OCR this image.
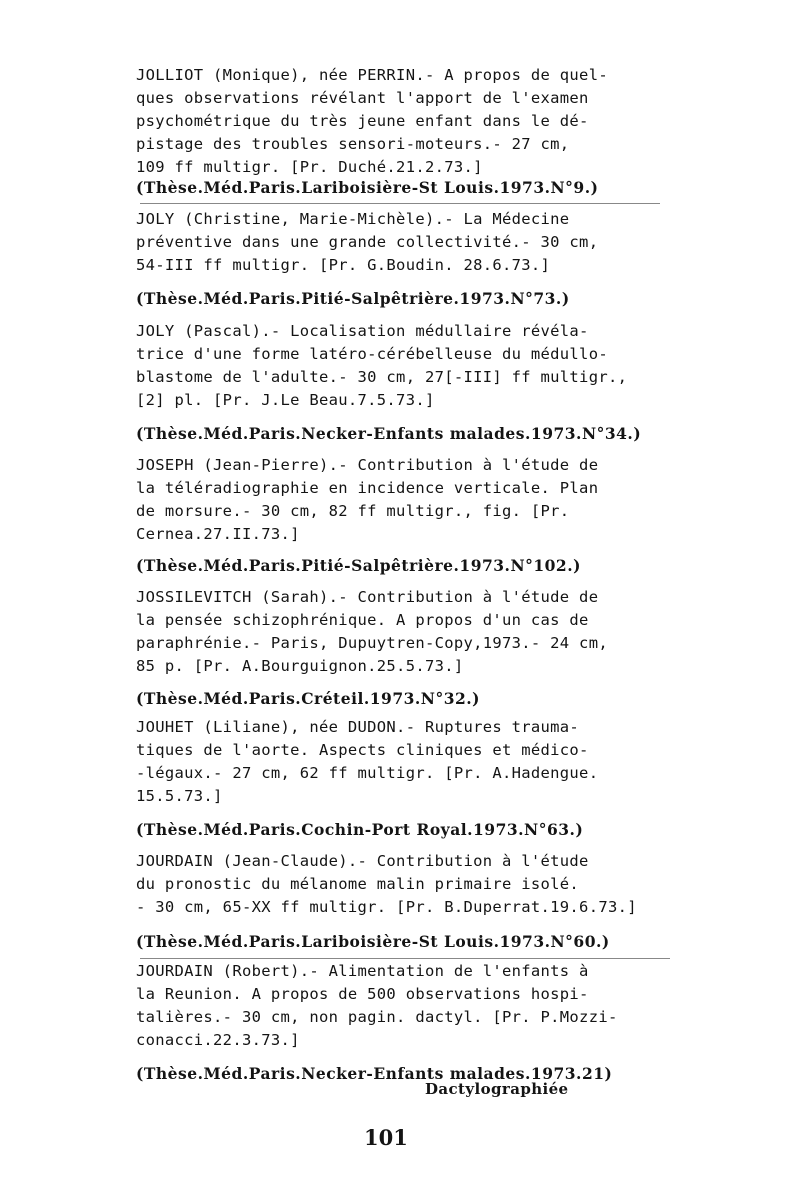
JOLLIOT (Monique), née PERRIN.- A propos de quel-
ques observations révélant l'apport de l'examen
psychométrique du très jeune enfant dans le dé-
pistage des troubles sensori-moteurs.- 27 cm,
109 ff multigr. [Pr. Duché.21.2.73.]

(Thèse.Méd.Paris.Lariboisière-St Louis.1973.N°9.)

JOLY (Christine, Marie-Michèle).- La Médecine
préventive dans une grande collectivité.- 30 cm,
54-III ff multigr. [Pr. G.Boudin. 28.6.73.]

(Thèse.Méd.Paris.Pitié-Salpêtrière.1973.N°73.)

JOLY (Pascal).- Localisation médullaire révéla-
trice d'une forme latéro-cérébelleuse du médullo-
blastome de l'adulte.- 30 cm, 27[-III] ff multigr.,
[2] pl. [Pr. J.Le Beau.7.5.73.]

(Thèse.Méd.Paris.Necker-Enfants malades.1973.N°34.)

JOSEPH (Jean-Pierre).- Contribution à l'étude de
la téléradiographie en incidence verticale. Plan
de morsure.- 30 cm, 82 ff multigr., fig. [Pr.
Cernea.27.II.73.]

(Thèse.Méd.Paris.Pitié-Salpêtrière.1973.N°102.)

JOSSILEVITCH (Sarah).- Contribution à l'étude de
la pensée schizophrénique. A propos d'un cas de
paraphrénie.- Paris, Dupuytren-Copy,1973.- 24 cm,
85 p. [Pr. A.Bourguignon.25.5.73.]

(Thèse.Méd.Paris.Créteil.1973.N°32.)

JOUHET (Liliane), née DUDON.- Ruptures trauma-
tiques de l'aorte. Aspects cliniques et médico-
-légaux.- 27 cm, 62 ff multigr. [Pr. A.Hadengue.
15.5.73.]

(Thèse.Méd.Paris.Cochin-Port Royal.1973.N°63.)

JOURDAIN (Jean-Claude).- Contribution à l'étude
du pronostic du mélanome malin primaire isolé.
- 30 cm, 65-XX ff multigr. [Pr. B.Duperrat.19.6.73.]

(Thèse.Méd.Paris.Lariboisière-St Louis.1973.N°60.)

JOURDAIN (Robert).- Alimentation de l'enfants à
la Reunion. A propos de 500 observations hospi-
talières.- 30 cm, non pagin. dactyl. [Pr. P.Mozzi-
conacci.22.3.73.]

(Thèse.Méd.Paris.Necker-Enfants malades.1973.21)

Dactylographiée

101
